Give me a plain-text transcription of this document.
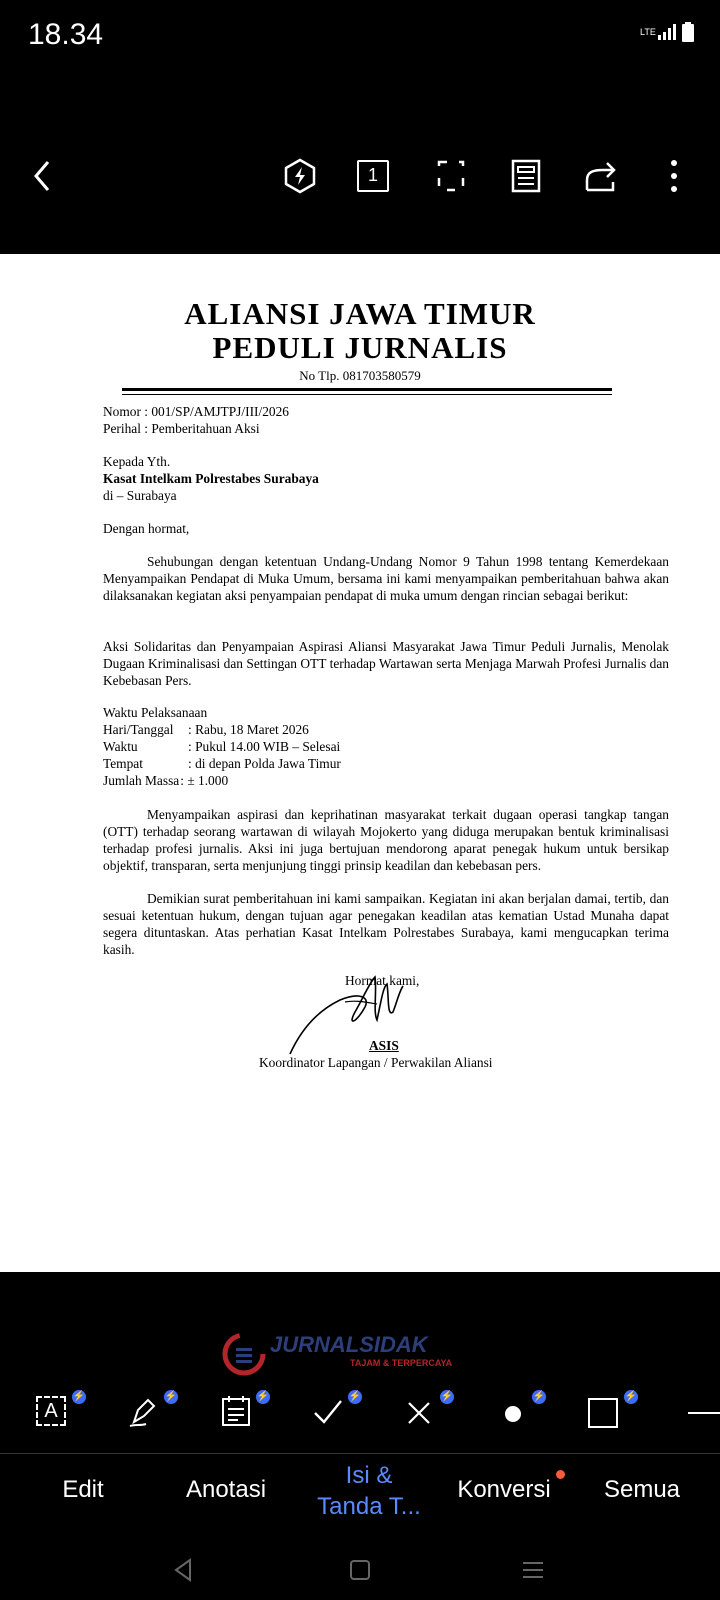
18.34	LTE
1
ALIANSI JAWA TIMUR
PEDULI JURNALIS
No Tlp. 081703580579
Nomor : 001/SP/AMJTPJ/III/2026
Perihal : Pemberitahuan Aksi
Kepada Yth.
Kasat Intelkam Polrestabes Surabaya
di – Surabaya
Dengan hormat,
Sehubungan dengan ketentuan Undang-Undang Nomor 9 Tahun 1998 tentang Kemerdekaan Menyampaikan Pendapat di Muka Umum, bersama ini kami menyampaikan pemberitahuan bahwa akan dilaksanakan kegiatan aksi penyampaian pendapat di muka umum dengan rincian sebagai berikut:
Aksi Solidaritas dan Penyampaian Aspirasi Aliansi Masyarakat Jawa Timur Peduli Jurnalis, Menolak Dugaan Kriminalisasi dan Settingan OTT terhadap Wartawan serta Menjaga Marwah Profesi Jurnalis dan Kebebasan Pers.
Waktu Pelaksanaan
Hari/Tanggal : Rabu, 18 Maret 2026
Waktu	: Pukul 14.00 WIB – Selesai
Tempat	: di depan Polda Jawa Timur
Jumlah Massa: ± 1.000
Menyampaikan aspirasi dan keprihatinan masyarakat terkait dugaan operasi tangkap tangan (OTT) terhadap seorang wartawan di wilayah Mojokerto yang diduga merupakan bentuk kriminalisasi terhadap profesi jurnalis. Aksi ini juga bertujuan mendorong aparat penegak hukum untuk bersikap objektif, transparan, serta menjunjung tinggi prinsip keadilan dan kebebasan pers.
Demikian surat pemberitahuan ini kami sampaikan. Kegiatan ini akan berjalan damai, tertib, dan sesuai ketentuan hukum, dengan tujuan agar penegakan keadilan atas kematian Ustad Munaha dapat segera dituntaskan. Atas perhatian Kasat Intelkam Polrestabes Surabaya, kami mengucapkan terima kasih.
Hormat kami,
ASIS
Koordinator Lapangan / Perwakilan Aliansi
JURNALSIDAK
TAJAM & TERPERCAYA
A
⚡	⚡	⚡	⚡	⚡	⚡	⚡
Edit	Anotasi
Isi &
Tanda T...
Konversi	Semua
